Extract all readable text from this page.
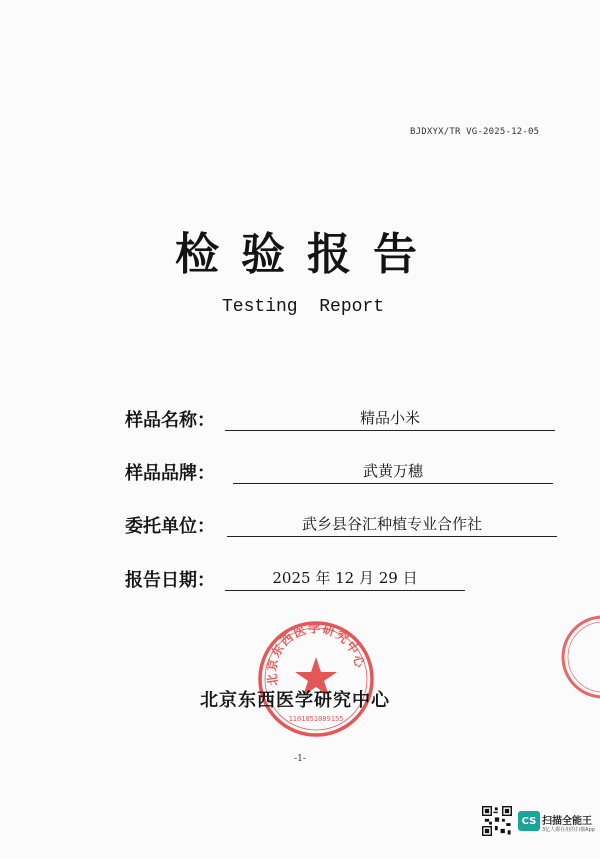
BJDXYX/TR VG-2025-12-05
检验报告
Testing  Report
样品名称：	精品小米
样品品牌：	武黄万穗
委托单位：	武乡县谷汇种植专业合作社
报告日期：	2025 年 12 月 29 日
北京东西医学研究中心
1101051089155
北京东西医学研究中心
-1-
CS 扫描全能王
3亿人都在用的扫描App
